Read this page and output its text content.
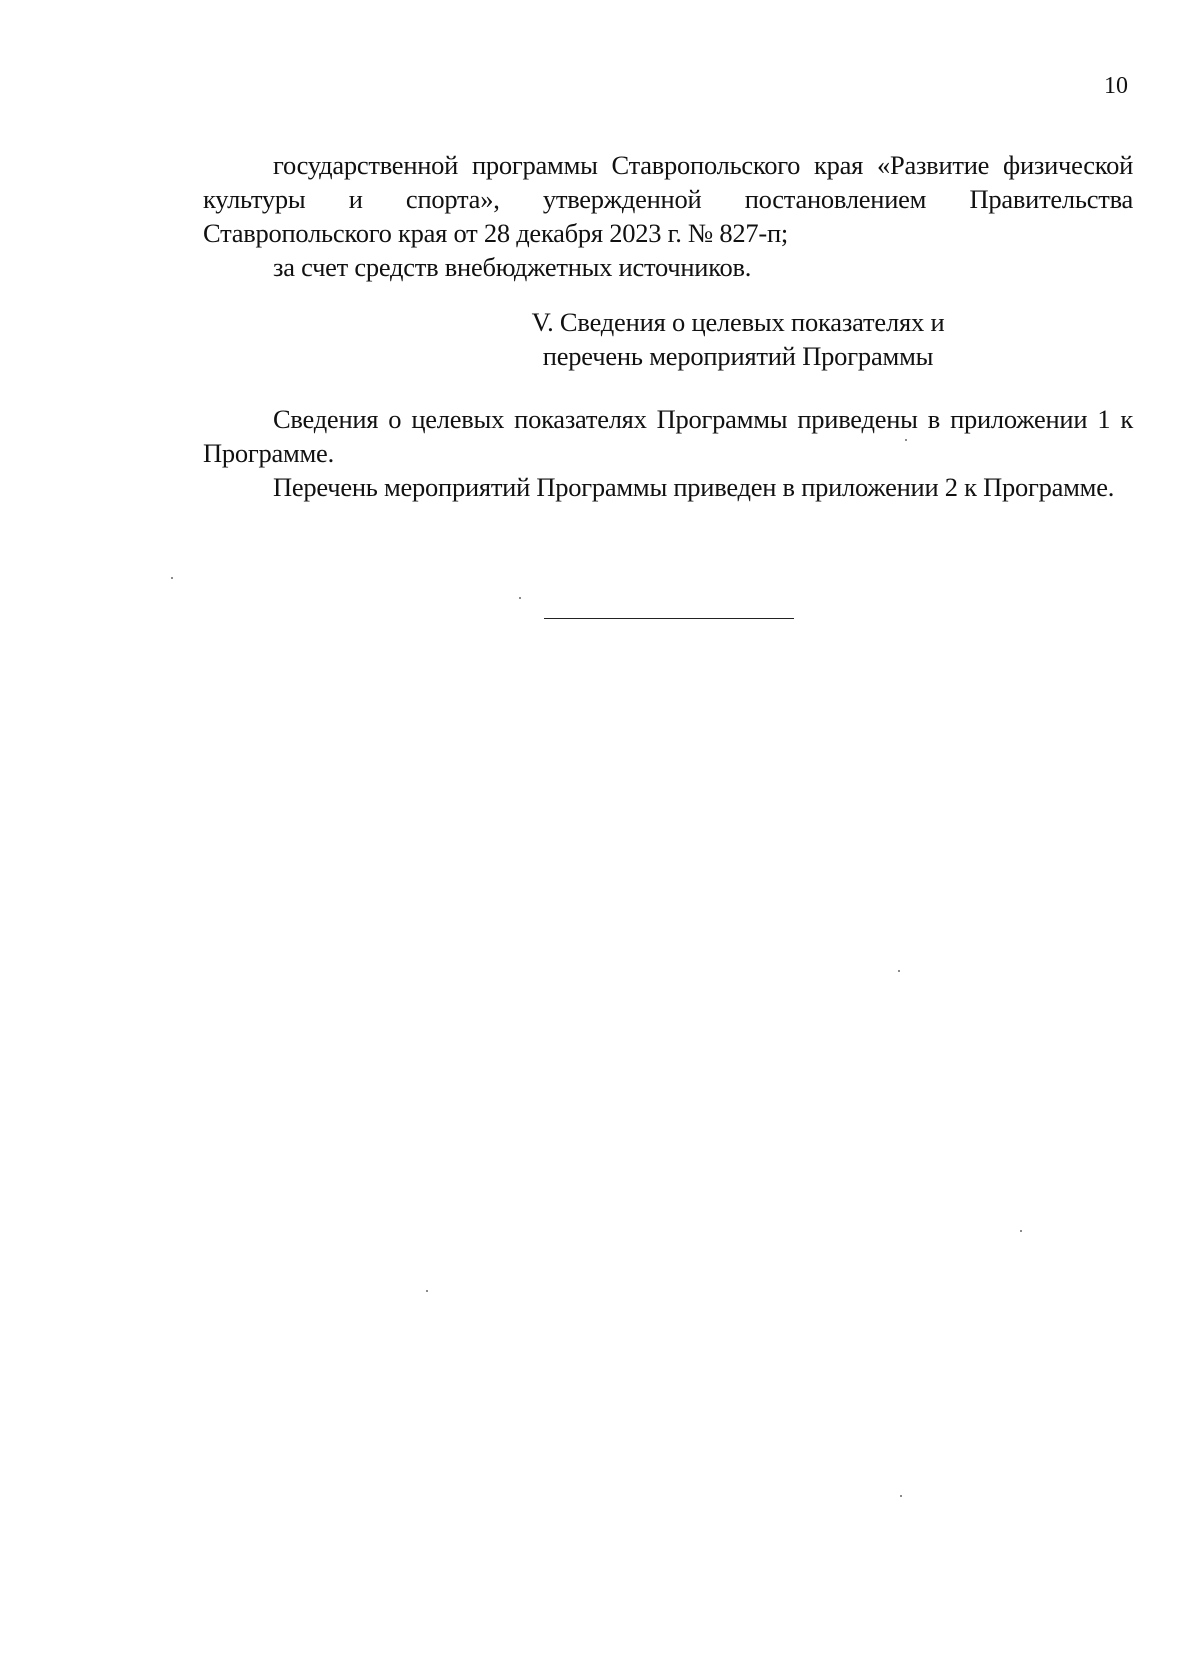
10

государственной программы Ставропольского края «Развитие физической культуры и спорта», утвержденной постановлением Правительства Ставропольского края от 28 декабря 2023 г. № 827-п;

за счет средств внебюджетных источников.

V. Сведения о целевых показателях и
перечень мероприятий Программы

Сведения о целевых показателях Программы приведены в приложении 1 к Программе.

Перечень мероприятий Программы приведен в приложении 2 к Программе.
